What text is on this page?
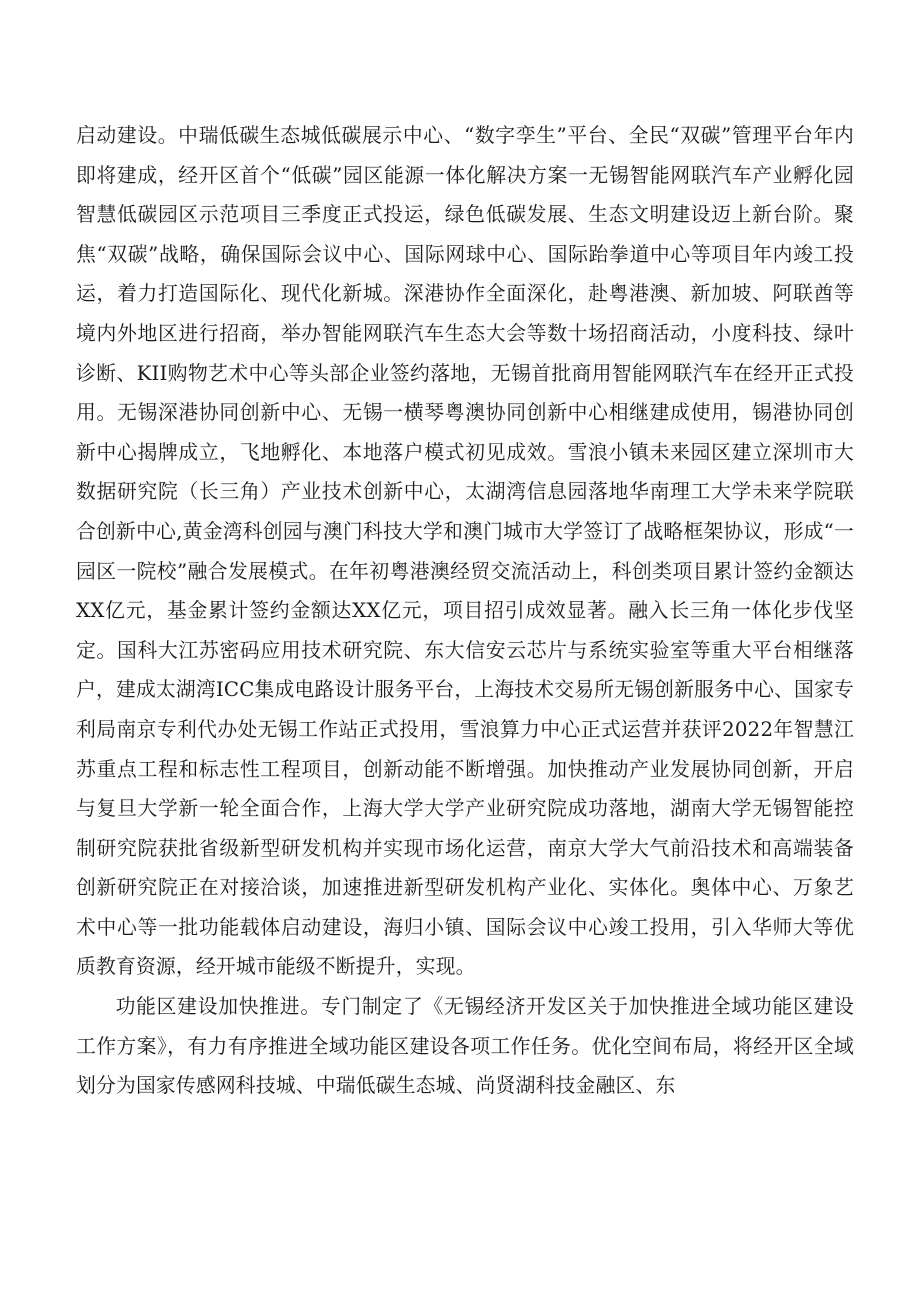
启动建设。中瑞低碳生态城低碳展示中心、“数字孪生”平台、全民“双碳”管理平台年内即将建成，经开区首个“低碳”园区能源一体化解决方案一无锡智能网联汽车产业孵化园智慧低碳园区示范项目三季度正式投运，绿色低碳发展、生态文明建设迈上新台阶。聚焦“双碳”战略，确保国际会议中心、国际网球中心、国际跆拳道中心等项目年内竣工投运，着力打造国际化、现代化新城。深港协作全面深化，赴粤港澳、新加坡、阿联酋等境内外地区进行招商，举办智能网联汽车生态大会等数十场招商活动，小度科技、绿叶诊断、KII购物艺术中心等头部企业签约落地，无锡首批商用智能网联汽车在经开正式投用。无锡深港协同创新中心、无锡一横琴粤澳协同创新中心相继建成使用，锡港协同创新中心揭牌成立，飞地孵化、本地落户模式初见成效。雪浪小镇未来园区建立深圳市大数据研究院（长三角）产业技术创新中心，太湖湾信息园落地华南理工大学未来学院联合创新中心,黄金湾科创园与澳门科技大学和澳门城市大学签订了战略框架协议，形成“一园区一院校”融合发展模式。在年初粤港澳经贸交流活动上，科创类项目累计签约金额达XX亿元，基金累计签约金额达XX亿元，项目招引成效显著。融入长三角一体化步伐坚定。国科大江苏密码应用技术研究院、东大信安云芯片与系统实验室等重大平台相继落户，建成太湖湾ICC集成电路设计服务平台，上海技术交易所无锡创新服务中心、国家专利局南京专利代办处无锡工作站正式投用，雪浪算力中心正式运营并获评2022年智慧江苏重点工程和标志性工程项目，创新动能不断增强。加快推动产业发展协同创新，开启与复旦大学新一轮全面合作，上海大学大学产业研究院成功落地，湖南大学无锡智能控制研究院获批省级新型研发机构并实现市场化运营，南京大学大气前沿技术和高端装备创新研究院正在对接洽谈，加速推进新型研发机构产业化、实体化。奥体中心、万象艺术中心等一批功能载体启动建设，海归小镇、国际会议中心竣工投用，引入华师大等优质教育资源，经开城市能级不断提升，实现。

功能区建设加快推进。专门制定了《无锡经济开发区关于加快推进全域功能区建设工作方案》，有力有序推进全域功能区建设各项工作任务。优化空间布局，将经开区全域划分为国家传感网科技城、中瑞低碳生态城、尚贤湖科技金融区、东
